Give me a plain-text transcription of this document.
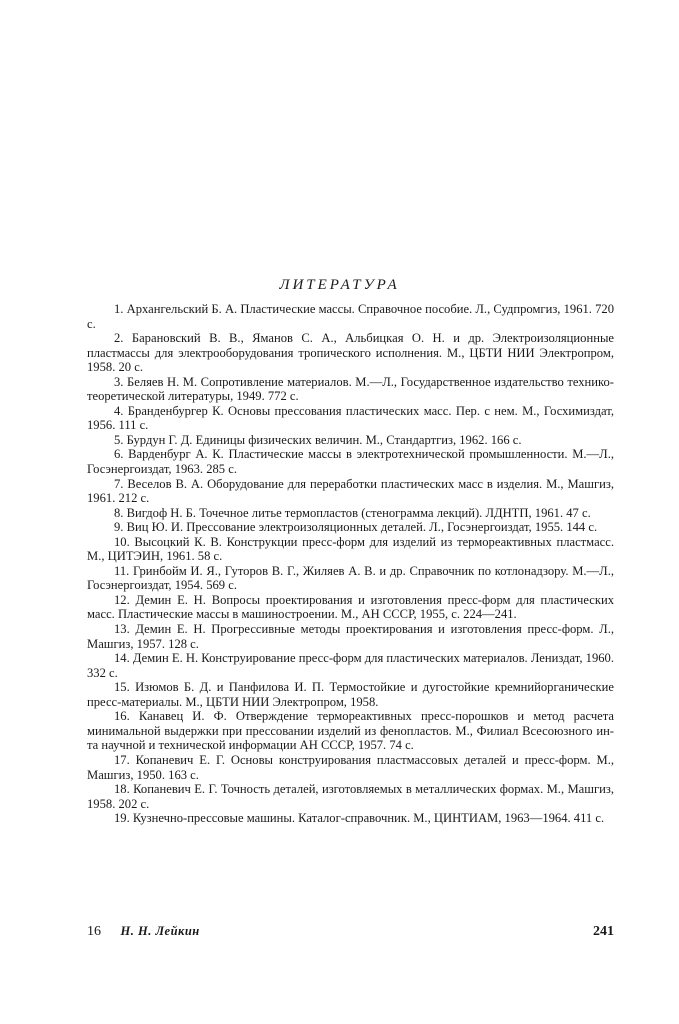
ЛИТЕРАТУРА

1. Архангельский Б. А. Пластические массы. Справочное пособие. Л., Судпромгиз, 1961. 720 с.

2. Барановский В. В., Яманов С. А., Альбицкая О. Н. и др. Электроизоляционные пластмассы для электрооборудования тропического исполнения. М., ЦБТИ НИИ Электропром, 1958. 20 с.

3. Беляев Н. М. Сопротивление материалов. М.—Л., Государственное издательство технико-теоретической литературы, 1949. 772 с.

4. Бранденбургер К. Основы прессования пластических масс. Пер. с нем. М., Госхимиздат, 1956. 111 с.

5. Бурдун Г. Д. Единицы физических величин. М., Стандартгиз, 1962. 166 с.

6. Варденбург А. К. Пластические массы в электротехнической промышленности. М.—Л., Госэнергоиздат, 1963. 285 с.

7. Веселов В. А. Оборудование для переработки пластических масс в изделия. М., Машгиз, 1961. 212 с.

8. Вигдоф Н. Б. Точечное литье термопластов (стенограмма лекций). ЛДНТП, 1961. 47 с.

9. Виц Ю. И. Прессование электроизоляционных деталей. Л., Госэнергоиздат, 1955. 144 с.

10. Высоцкий К. В. Конструкции пресс-форм для изделий из термореактивных пластмасс. М., ЦИТЭИН, 1961. 58 с.

11. Гринбойм И. Я., Гуторов В. Г., Жиляев А. В. и др. Справочник по котлонадзору. М.—Л., Госэнергоиздат, 1954. 569 с.

12. Демин Е. Н. Вопросы проектирования и изготовления пресс-форм для пластических масс. Пластические массы в машиностроении. М., АН СССР, 1955, с. 224—241.

13. Демин Е. Н. Прогрессивные методы проектирования и изготовления пресс-форм. Л., Машгиз, 1957. 128 с.

14. Демин Е. Н. Конструирование пресс-форм для пластических материалов. Лениздат, 1960. 332 с.

15. Изюмов Б. Д. и Панфилова И. П. Термостойкие и дугостойкие кремнийорганические пресс-материалы. М., ЦБТИ НИИ Электропром, 1958.

16. Канавец И. Ф. Отверждение термореактивных пресс-порошков и метод расчета минимальной выдержки при прессовании изделий из фенопластов. М., Филиал Всесоюзного ин-та научной и технической информации АН СССР, 1957. 74 с.

17. Копаневич Е. Г. Основы конструирования пластмассовых деталей и пресс-форм. М., Машгиз, 1950. 163 с.

18. Копаневич Е. Г. Точность деталей, изготовляемых в металлических формах. М., Машгиз, 1958. 202 с.

19. Кузнечно-прессовые машины. Каталог-справочник. М., ЦИНТИАМ, 1963—1964. 411 с.

16 Н. Н. Лейкин	241
